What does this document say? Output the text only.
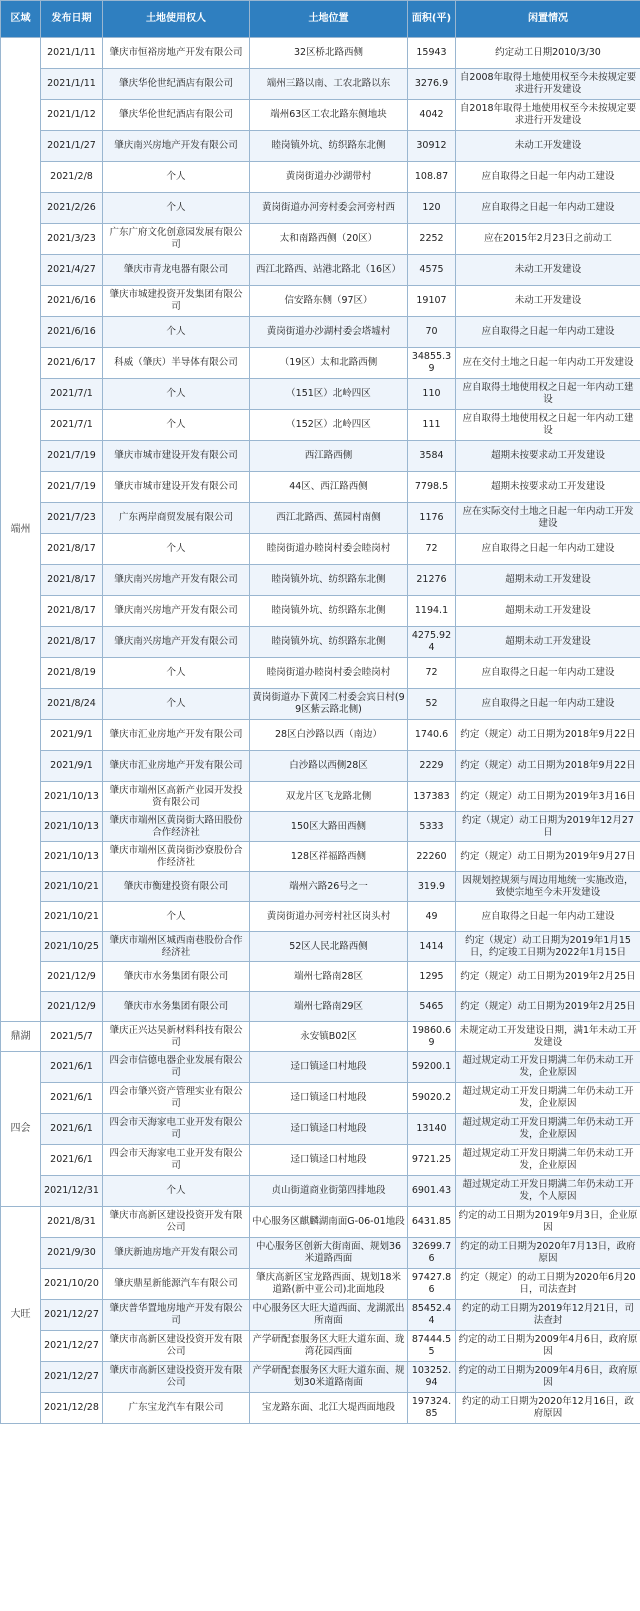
区域	发布日期	土地使用权人	土地位置	面积(平)	闲置情况
端州	2021/1/11	肇庆市恒裕房地产开发有限公司	32区桥北路西侧	15943	约定动工日期2010/3/30
	2021/1/11	肇庆华伦世纪酒店有限公司	端州三路以南、工农北路以东	3276.9	自2008年取得土地使用权至今未按规定要求进行开发建设
	2021/1/12	肇庆华伦世纪酒店有限公司	端州63区工农北路东侧地块	4042	自2018年取得土地使用权至今未按规定要求进行开发建设
	2021/1/27	肇庆南兴房地产开发有限公司	睦岗镇外坑、纺织路东北侧	30912	未动工开发建设
	2021/2/8	个人	黄岗街道办沙湖带村	108.87	应自取得之日起一年内动工建设
	2021/2/26	个人	黄岗街道办河旁村委会河旁村西	120	应自取得之日起一年内动工建设
	2021/3/23	广东广府文化创意园发展有限公司	太和南路西侧（20区）	2252	应在2015年2月23日之前动工
	2021/4/27	肇庆市青龙电器有限公司	西江北路西、站港北路北（16区）	4575	未动工开发建设
	2021/6/16	肇庆市城建投资开发集团有限公司	信安路东侧（97区）	19107	未动工开发建设
	2021/6/16	个人	黄岗街道办沙湖村委会塔墟村	70	应自取得之日起一年内动工建设
	2021/6/17	科威（肇庆）半导体有限公司	（19区）太和北路西侧	34855.39	应在交付土地之日起一年内动工开发建设
	2021/7/1	个人	（151区）北岭四区	110	应自取得土地使用权之日起一年内动工建设
	2021/7/1	个人	（152区）北岭四区	111	应自取得土地使用权之日起一年内动工建设
	2021/7/19	肇庆市城市建设开发有限公司	西江路西侧	3584	超期未按要求动工开发建设
	2021/7/19	肇庆市城市建设开发有限公司	44区、西江路西侧	7798.5	超期未按要求动工开发建设
	2021/7/23	广东两岸商贸发展有限公司	西江北路西、蕉园村南侧	1176	应在实际交付土地之日起一年内动工开发建设
	2021/8/17	个人	睦岗街道办睦岗村委会睦岗村	72	应自取得之日起一年内动工建设
	2021/8/17	肇庆南兴房地产开发有限公司	睦岗镇外坑、纺织路东北侧	21276	超期未动工开发建设
	2021/8/17	肇庆南兴房地产开发有限公司	睦岗镇外坑、纺织路东北侧	1194.1	超期未动工开发建设
	2021/8/17	肇庆南兴房地产开发有限公司	睦岗镇外坑、纺织路东北侧	4275.924	超期未动工开发建设
	2021/8/19	个人	睦岗街道办睦岗村委会睦岗村	72	应自取得之日起一年内动工建设
	2021/8/24	个人	黄岗街道办下黄冈二村委会宾日村(99区紫云路北侧)	52	应自取得之日起一年内动工建设
	2021/9/1	肇庆市汇业房地产开发有限公司	28区白沙路以西（南边）	1740.6	约定（规定）动工日期为2018年9月22日
	2021/9/1	肇庆市汇业房地产开发有限公司	白沙路以西侧28区	2229	约定（规定）动工日期为2018年9月22日
	2021/10/13	肇庆市端州区高新产业园开发投资有限公司	双龙片区飞龙路北侧	137383	约定（规定）动工日期为2019年3月16日
	2021/10/13	肇庆市端州区黄岗街大路田股份合作经济社	150区大路田西侧	5333	约定（规定）动工日期为2019年12月27日
	2021/10/13	肇庆市端州区黄岗街沙寮股份合作经济社	128区祥福路西侧	22260	约定（规定）动工日期为2019年9月27日
	2021/10/21	肇庆市衡建投资有限公司	端州六路26号之一	319.9	因规划控规须与周边用地统一实施改造，致使宗地至今未开发建设
	2021/10/21	个人	黄岗街道办河旁村社区岗头村	49	应自取得之日起一年内动工建设
	2021/10/25	肇庆市端州区城西南巷股份合作经济社	52区人民北路西侧	1414	约定（规定）动工日期为2019年1月15日，约定竣工日期为2022年1月15日
	2021/12/9	肇庆市水务集团有限公司	端州七路南28区	1295	约定（规定）动工日期为2019年2月25日
	2021/12/9	肇庆市水务集团有限公司	端州七路南29区	5465	约定（规定）动工日期为2019年2月25日
鼎湖	2021/5/7	肇庆正兴达昊新材料科技有限公司	永安镇B02区	19860.69	未规定动工开发建设日期，满1年未动工开发建设
四会	2021/6/1	四会市信德电器企业发展有限公司	迳口镇迳口村地段	59200.1	超过规定动工开发日期满二年仍未动工开发，企业原因
	2021/6/1	四会市肇兴资产管理实业有限公司	迳口镇迳口村地段	59020.2	超过规定动工开发日期满二年仍未动工开发，企业原因
	2021/6/1	四会市天海家电工业开发有限公司	迳口镇迳口村地段	13140	超过规定动工开发日期满二年仍未动工开发，企业原因
	2021/6/1	四会市天海家电工业开发有限公司	迳口镇迳口村地段	9721.25	超过规定动工开发日期满二年仍未动工开发，企业原因
	2021/12/31	个人	贞山街道商业街第四排地段	6901.43	超过规定动工开发日期满二年仍未动工开发，个人原因
大旺	2021/8/31	肇庆市高新区建设投资开发有限公司	中心服务区麒麟湖南面G-06-01地段	6431.85	约定的动工日期为2019年9月3日，企业原因
	2021/9/30	肇庆新迪房地产开发有限公司	中心服务区创新大街南面、规划36米道路西面	32699.76	约定的动工日期为2020年7月13日，政府原因
	2021/10/20	肇庆鼎星新能源汽车有限公司	肇庆高新区宝龙路西面、规划18米道路(新中亚公司)北面地段	97427.86	约定（规定）的动工日期为2020年6月20日，司法查封
	2021/12/27	肇庆普华置地房地产开发有限公司	中心服务区大旺大道西面、龙湖派出所南面	85452.44	约定的动工日期为2019年12月21日，司法查封
	2021/12/27	肇庆市高新区建设投资开发有限公司	产学研配套服务区大旺大道东面、珑湾花园西面	87444.55	约定的动工日期为2009年4月6日，政府原因
	2021/12/27	肇庆市高新区建设投资开发有限公司	产学研配套服务区大旺大道东面、规划30米道路南面	103252.94	约定的动工日期为2009年4月6日，政府原因
	2021/12/28	广东宝龙汽车有限公司	宝龙路东面、北江大堤西面地段	197324.85	约定的动工日期为2020年12月16日，政府原因
